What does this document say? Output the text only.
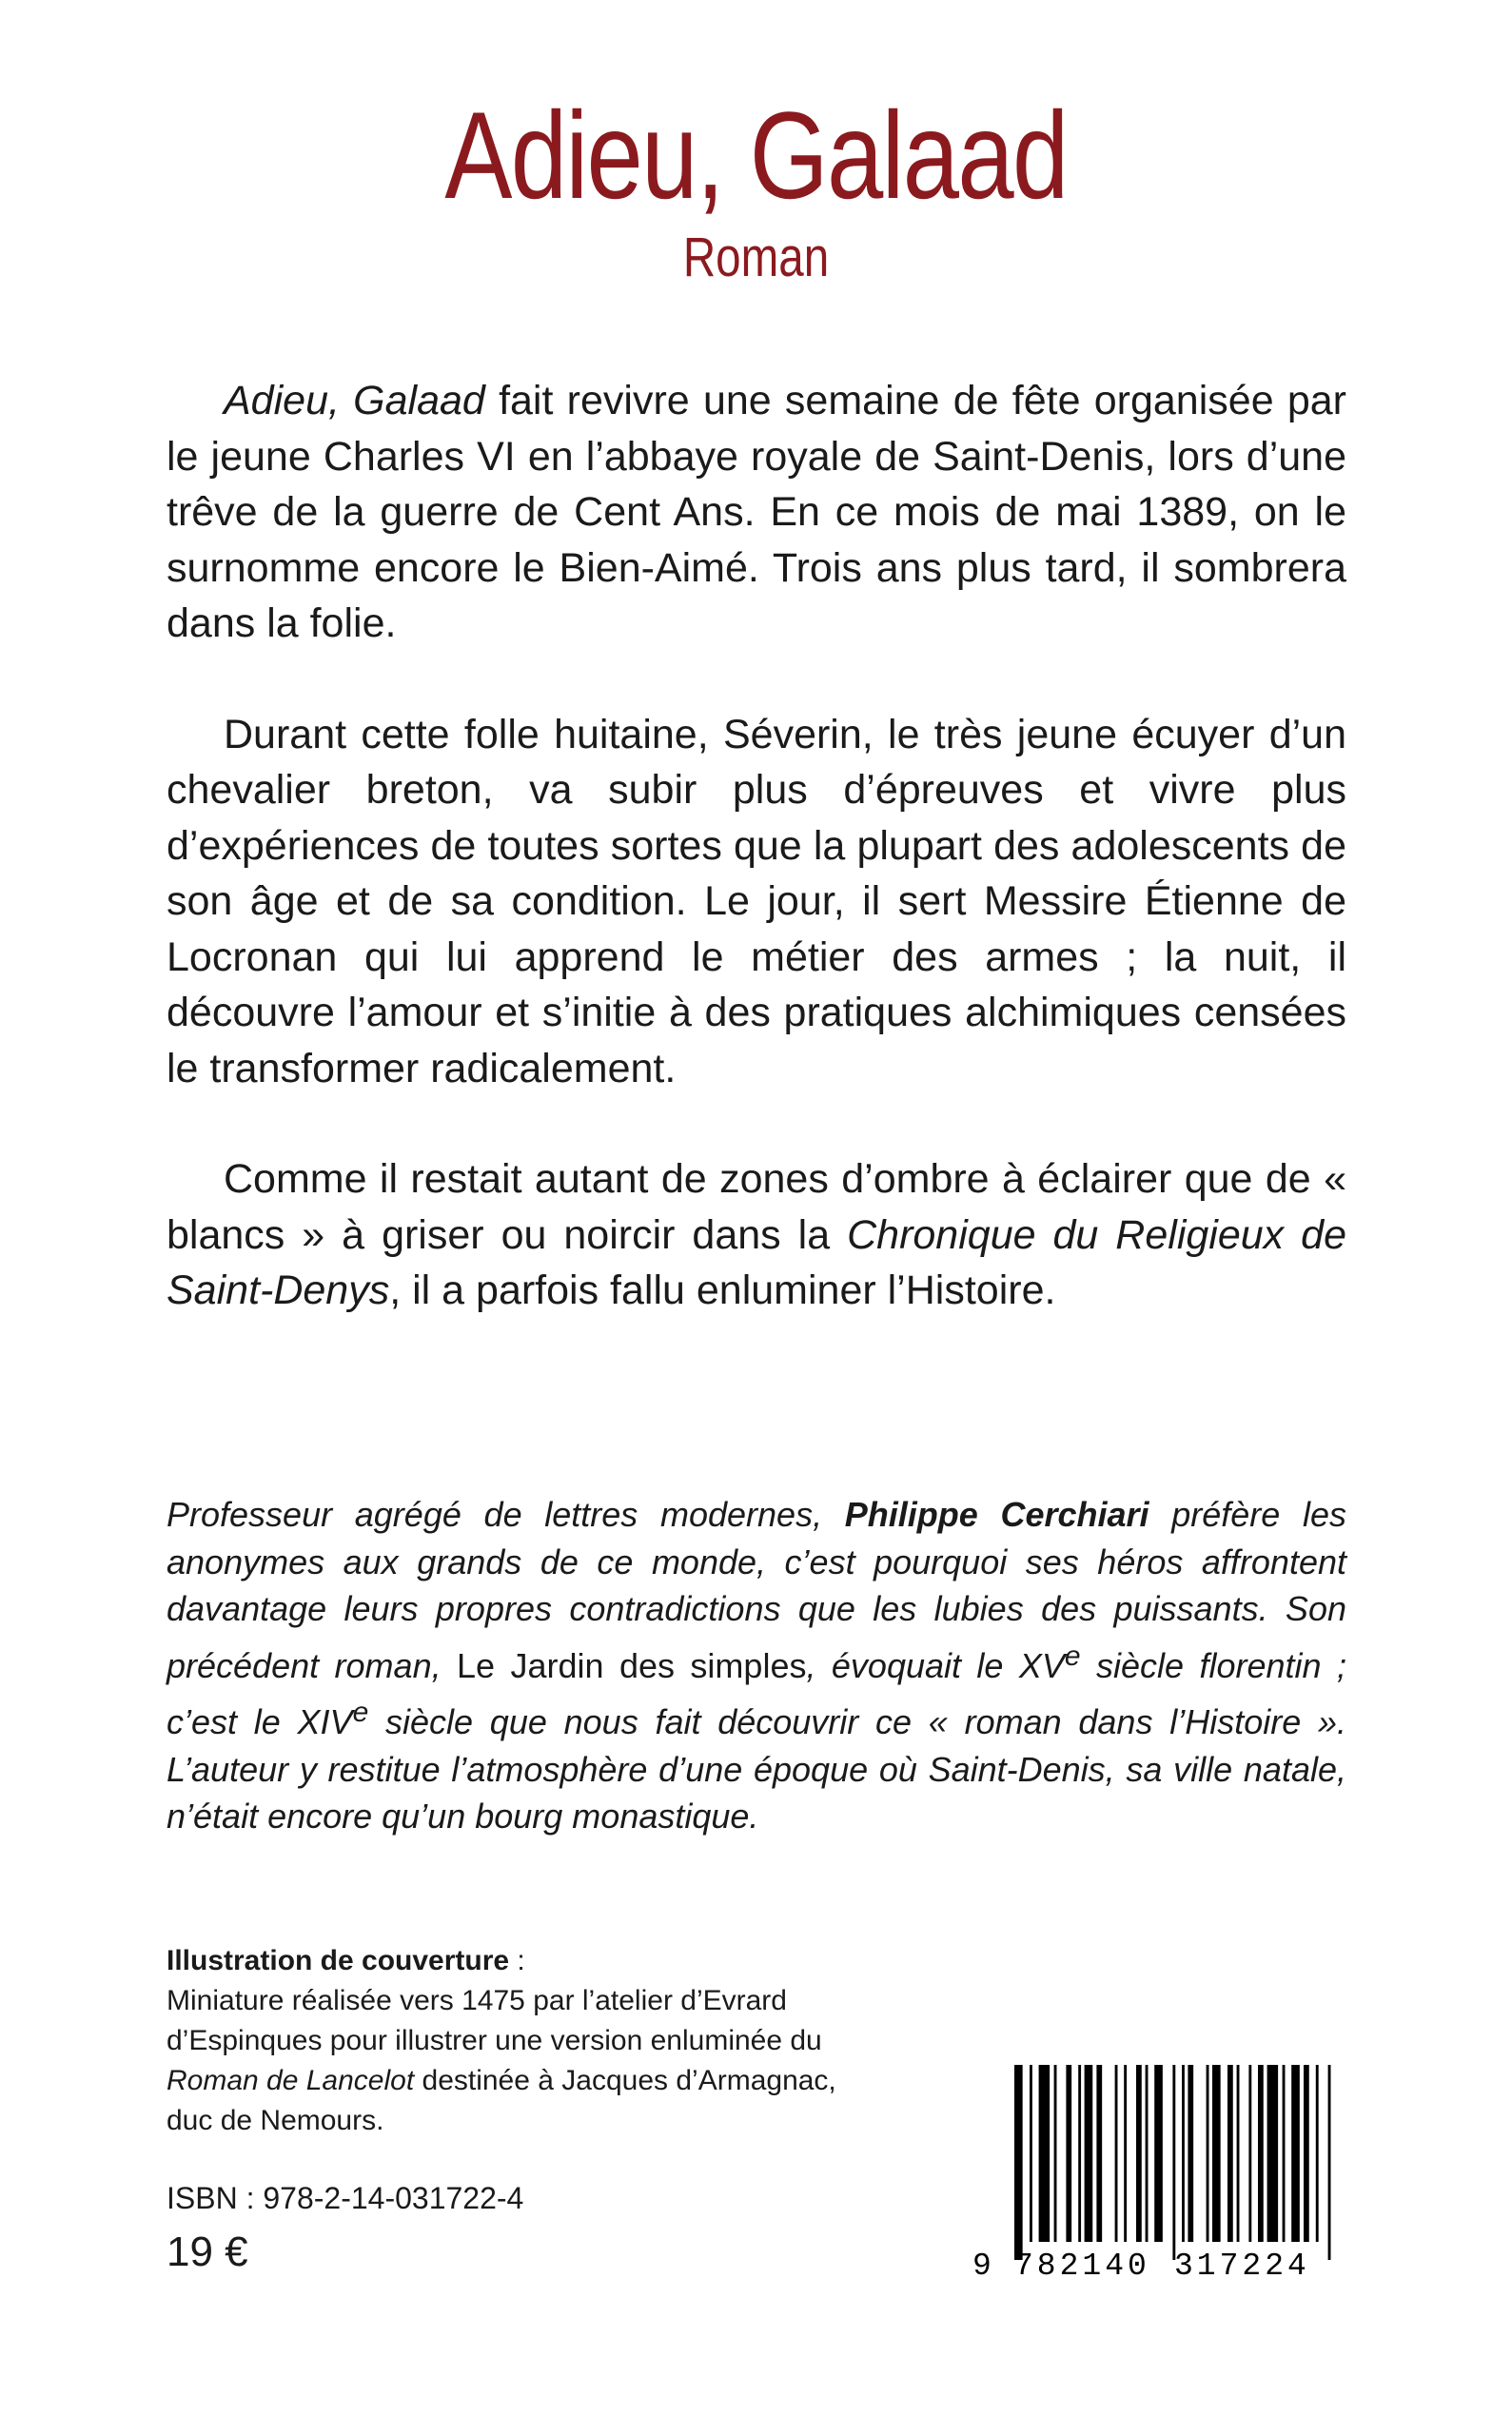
Adieu, Galaad
Roman

Adieu, Galaad fait revivre une semaine de fête organisée par le jeune Charles VI en l’abbaye royale de Saint-Denis, lors d’une trêve de la guerre de Cent Ans. En ce mois de mai 1389, on le surnomme encore le Bien-Aimé. Trois ans plus tard, il sombrera dans la folie.

Durant cette folle huitaine, Séverin, le très jeune écuyer d’un chevalier breton, va subir plus d’épreuves et vivre plus d’expériences de toutes sortes que la plupart des adolescents de son âge et de sa condition. Le jour, il sert Messire Étienne de Locronan qui lui apprend le métier des armes ; la nuit, il découvre l’amour et s’initie à des pratiques alchimiques censées le transformer radicalement.

Comme il restait autant de zones d’ombre à éclairer que de « blancs » à griser ou noircir dans la Chronique du Religieux de Saint-Denys, il a parfois fallu enluminer l’Histoire.

Professeur agrégé de lettres modernes, Philippe Cerchiari préfère les anonymes aux grands de ce monde, c’est pourquoi ses héros affrontent davantage leurs propres contradictions que les lubies des puissants. Son précédent roman, Le Jardin des simples, évoquait le XVe siècle florentin ; c’est le XIVe siècle que nous fait découvrir ce « roman dans l’Histoire ». L’auteur y restitue l’atmosphère d’une époque où Saint-Denis, sa ville natale, n’était encore qu’un bourg monastique.

Illustration de couverture :
Miniature réalisée vers 1475 par l’atelier d’Evrard d’Espinques pour illustrer une version enluminée du Roman de Lancelot destinée à Jacques d’Armagnac, duc de Nemours.
ISBN : 978-2-14-031722-4
19 €	9 782140 317224
